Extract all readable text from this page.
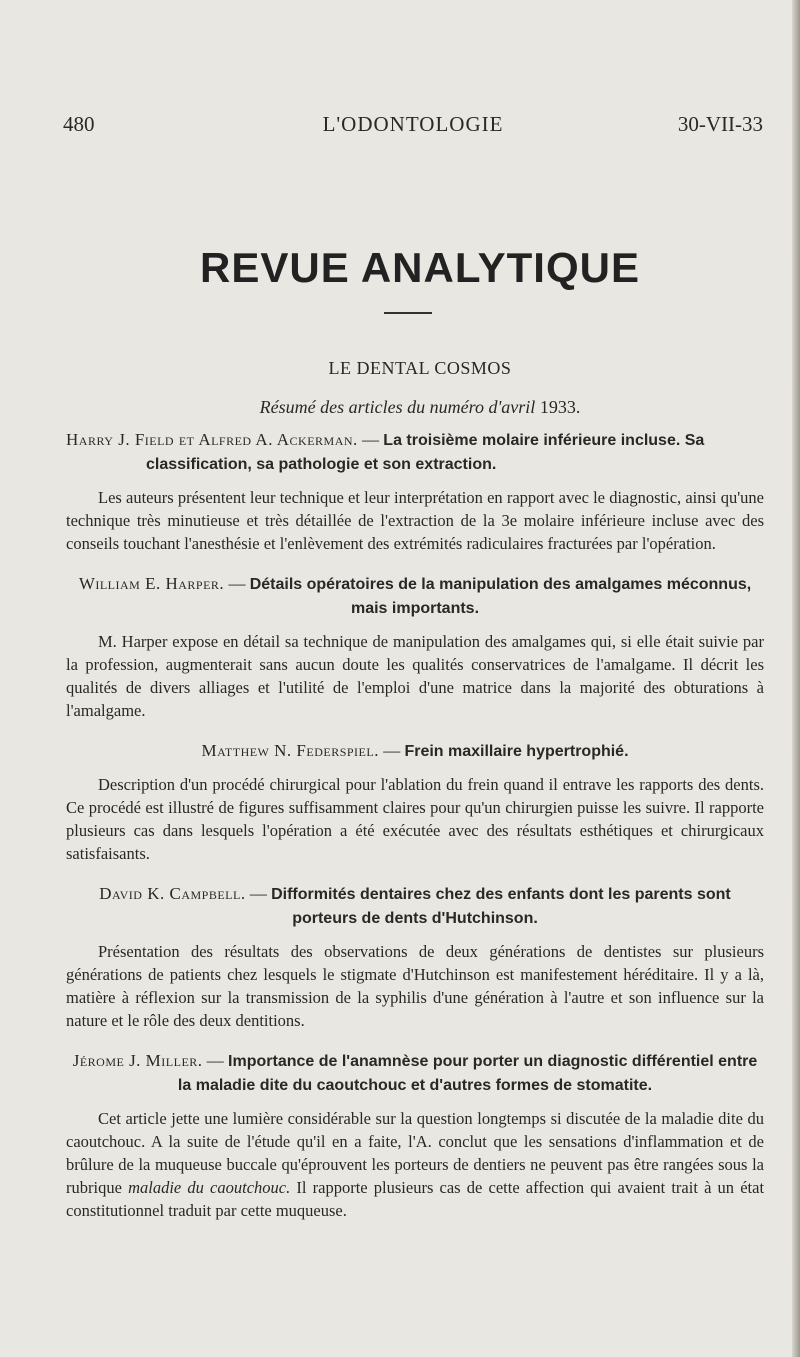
480	L'ODONTOLOGIE	30-VII-33
REVUE ANALYTIQUE
LE DENTAL COSMOS
Résumé des articles du numéro d'avril 1933.

Harry J. Field et Alfred A. Ackerman. — La troisième molaire inférieure incluse. Sa classification, sa pathologie et son extraction.

Les auteurs présentent leur technique et leur interprétation en rapport avec le diagnostic, ainsi qu'une technique très minutieuse et très détaillée de l'extraction de la 3e molaire inférieure incluse avec des conseils touchant l'anesthésie et l'enlèvement des extrémités radiculaires fracturées par l'opération.

William E. Harper. — Détails opératoires de la manipulation des amalgames méconnus, mais importants.

M. Harper expose en détail sa technique de manipulation des amalgames qui, si elle était suivie par la profession, augmenterait sans aucun doute les qualités conservatrices de l'amalgame. Il décrit les qualités de divers alliages et l'utilité de l'emploi d'une matrice dans la majorité des obturations à l'amalgame.

Matthew N. Federspiel. — Frein maxillaire hypertrophié.

Description d'un procédé chirurgical pour l'ablation du frein quand il entrave les rapports des dents. Ce procédé est illustré de figures suffisamment claires pour qu'un chirurgien puisse les suivre. Il rapporte plusieurs cas dans lesquels l'opération a été exécutée avec des résultats esthétiques et chirurgicaux satisfaisants.

David K. Campbell. — Difformités dentaires chez des enfants dont les parents sont porteurs de dents d'Hutchinson.

Présentation des résultats des observations de deux générations de dentistes sur plusieurs générations de patients chez lesquels le stigmate d'Hutchinson est manifestement héréditaire. Il y a là, matière à réflexion sur la transmission de la syphilis d'une génération à l'autre et son influence sur la nature et le rôle des deux dentitions.

Jérome J. Miller. — Importance de l'anamnèse pour porter un diagnostic différentiel entre la maladie dite du caoutchouc et d'autres formes de stomatite.

Cet article jette une lumière considérable sur la question longtemps si discutée de la maladie dite du caoutchouc. A la suite de l'étude qu'il en a faite, l'A. conclut que les sensations d'inflammation et de brûlure de la muqueuse buccale qu'éprouvent les porteurs de dentiers ne peuvent pas être rangées sous la rubrique maladie du caoutchouc. Il rapporte plusieurs cas de cette affection qui avaient trait à un état constitutionnel traduit par cette muqueuse.
